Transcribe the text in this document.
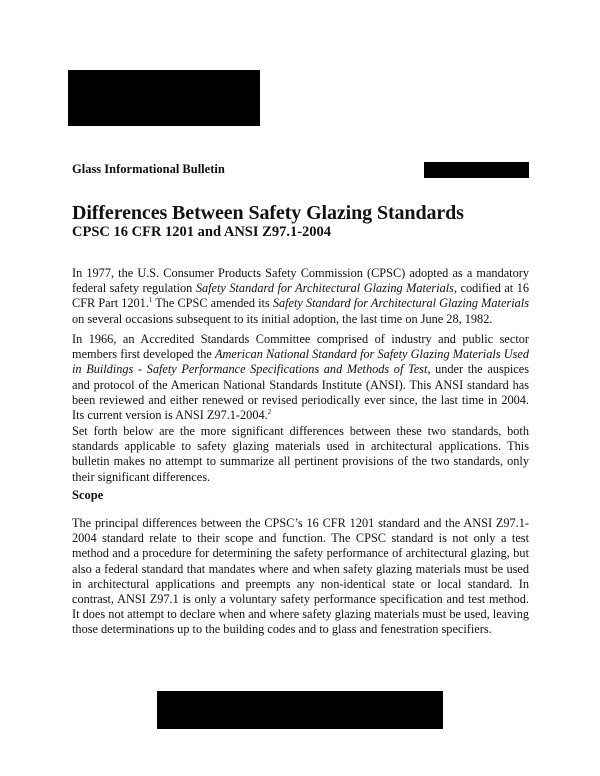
Glass Informational Bulletin
Differences Between Safety Glazing Standards
CPSC 16 CFR 1201 and ANSI Z97.1-2004

In 1977, the U.S. Consumer Products Safety Commission (CPSC) adopted as a mandatory federal safety regulation Safety Standard for Architectural Glazing Materials, codified at 16 CFR Part 1201.$^1$ The CPSC amended its Safety Standard for Architectural Glazing Materials on several occasions subsequent to its initial adoption, the last time on June 28, 1982.

In 1966, an Accredited Standards Committee comprised of industry and public sector members first developed the American National Standard for Safety Glazing Materials Used in Buildings - Safety Performance Specifications and Methods of Test, under the auspices and protocol of the American National Standards Institute (ANSI). This ANSI standard has been reviewed and either renewed or revised periodically ever since, the last time in 2004. Its current version is ANSI Z97.1-2004.$^2$

Set forth below are the more significant differences between these two standards, both standards applicable to safety glazing materials used in architectural applications. This bulletin makes no attempt to summarize all pertinent provisions of the two standards, only their significant differences.

Scope

The principal differences between the CPSC’s 16 CFR 1201 standard and the ANSI Z97.1-2004 standard relate to their scope and function. The CPSC standard is not only a test method and a procedure for determining the safety performance of architectural glazing, but also a federal standard that mandates where and when safety glazing materials must be used in architectural applications and preempts any non-identical state or local standard. In contrast, ANSI Z97.1 is only a voluntary safety performance specification and test method. It does not attempt to declare when and where safety glazing materials must be used, leaving those determinations up to the building codes and to glass and fenestration specifiers.
